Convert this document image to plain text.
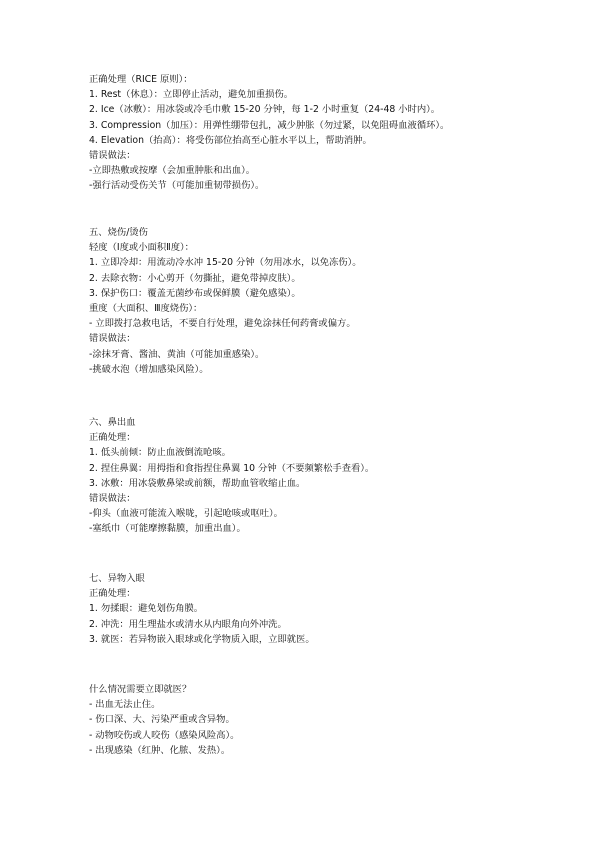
正确处理（RICE 原则）：
1. Rest（休息）：立即停止活动，避免加重损伤。
2. Ice（冰敷）：用冰袋或冷毛巾敷 15-20 分钟，每 1-2 小时重复（24-48 小时内）。
3. Compression（加压）：用弹性绷带包扎，减少肿胀（勿过紧，以免阻碍血液循环）。
4. Elevation（抬高）：将受伤部位抬高至心脏水平以上，帮助消肿。
错误做法：
-立即热敷或按摩（会加重肿胀和出血）。
-强行活动受伤关节（可能加重韧带损伤）。
五、烧伤/烫伤
轻度（Ⅰ度或小面积Ⅱ度）：
1. 立即冷却：用流动冷水冲 15-20 分钟（勿用冰水，以免冻伤）。
2. 去除衣物：小心剪开（勿撕扯，避免带掉皮肤）。
3. 保护伤口：覆盖无菌纱布或保鲜膜（避免感染）。
重度（大面积、Ⅲ度烧伤）：
- 立即拨打急救电话，不要自行处理，避免涂抹任何药膏或偏方。
错误做法：
-涂抹牙膏、酱油、黄油（可能加重感染）。
-挑破水泡（增加感染风险）。
六、鼻出血
正确处理：
1. 低头前倾：防止血液倒流呛咳。
2. 捏住鼻翼：用拇指和食指捏住鼻翼 10 分钟（不要频繁松手查看）。
3. 冰敷：用冰袋敷鼻梁或前额，帮助血管收缩止血。
错误做法：
-仰头（血液可能流入喉咙，引起呛咳或呕吐）。
-塞纸巾（可能摩擦黏膜，加重出血）。
七、异物入眼
正确处理：
1. 勿揉眼：避免划伤角膜。
2. 冲洗：用生理盐水或清水从内眼角向外冲洗。
3. 就医：若异物嵌入眼球或化学物质入眼，立即就医。
什么情况需要立即就医？
- 出血无法止住。
- 伤口深、大、污染严重或含异物。
- 动物咬伤或人咬伤（感染风险高）。
- 出现感染（红肿、化脓、发热）。
